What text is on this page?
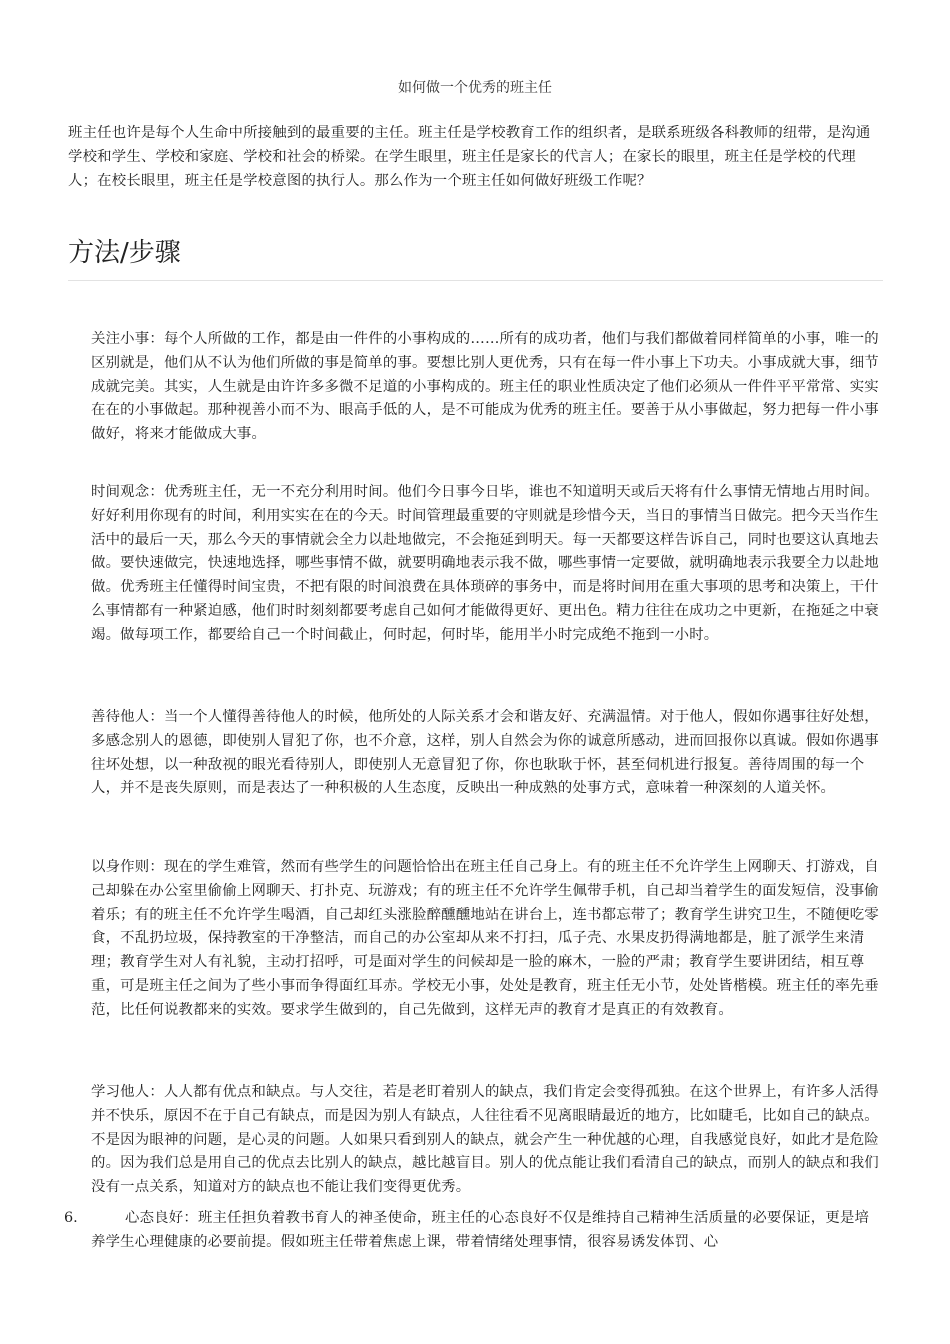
如何做一个优秀的班主任
班主任也许是每个人生命中所接触到的最重要的主任。班主任是学校教育工作的组织者，是联系班级各科教师的纽带，是沟通学校和学生、学校和家庭、学校和社会的桥梁。在学生眼里，班主任是家长的代言人；在家长的眼里，班主任是学校的代理人；在校长眼里，班主任是学校意图的执行人。那么作为一个班主任如何做好班级工作呢？
方法/步骤
关注小事：每个人所做的工作，都是由一件件的小事构成的……所有的成功者，他们与我们都做着同样简单的小事，唯一的区别就是，他们从不认为他们所做的事是简单的事。要想比别人更优秀，只有在每一件小事上下功夫。小事成就大事，细节成就完美。其实，人生就是由许许多多微不足道的小事构成的。班主任的职业性质决定了他们必须从一件件平平常常、实实在在的小事做起。那种视善小而不为、眼高手低的人，是不可能成为优秀的班主任。要善于从小事做起，努力把每一件小事做好，将来才能做成大事。
时间观念：优秀班主任，无一不充分利用时间。他们今日事今日毕，谁也不知道明天或后天将有什么事情无情地占用时间。好好利用你现有的时间，利用实实在在的今天。时间管理最重要的守则就是珍惜今天，当日的事情当日做完。把今天当作生活中的最后一天，那么今天的事情就会全力以赴地做完，不会拖延到明天。每一天都要这样告诉自己，同时也要这认真地去做。要快速做完，快速地选择，哪些事情不做，就要明确地表示我不做，哪些事情一定要做，就明确地表示我要全力以赴地做。优秀班主任懂得时间宝贵，不把有限的时间浪费在具体琐碎的事务中，而是将时间用在重大事项的思考和决策上，干什么事情都有一种紧迫感，他们时时刻刻都要考虑自己如何才能做得更好、更出色。精力往往在成功之中更新，在拖延之中衰竭。做每项工作，都要给自己一个时间截止，何时起，何时毕，能用半小时完成绝不拖到一小时。
善待他人：当一个人懂得善待他人的时候，他所处的人际关系才会和谐友好、充满温情。对于他人，假如你遇事往好处想，多感念别人的恩德，即使别人冒犯了你，也不介意，这样，别人自然会为你的诚意所感动，进而回报你以真诚。假如你遇事往坏处想，以一种敌视的眼光看待别人，即使别人无意冒犯了你，你也耿耿于怀，甚至伺机进行报复。善待周围的每一个人，并不是丧失原则，而是表达了一种积极的人生态度，反映出一种成熟的处事方式，意味着一种深刻的人道关怀。
以身作则：现在的学生难管，然而有些学生的问题恰恰出在班主任自己身上。有的班主任不允许学生上网聊天、打游戏，自己却躲在办公室里偷偷上网聊天、打扑克、玩游戏；有的班主任不允许学生佩带手机，自己却当着学生的面发短信，没事偷着乐；有的班主任不允许学生喝酒，自己却红头涨脸醉醺醺地站在讲台上，连书都忘带了；教育学生讲究卫生，不随便吃零食，不乱扔垃圾，保持教室的干净整洁，而自己的办公室却从来不打扫，瓜子壳、水果皮扔得满地都是，脏了派学生来清理；教育学生对人有礼貌，主动打招呼，可是面对学生的问候却是一脸的麻木，一脸的严肃；教育学生要讲团结，相互尊重，可是班主任之间为了些小事而争得面红耳赤。学校无小事，处处是教育，班主任无小节，处处皆楷模。班主任的率先垂范，比任何说教都来的实效。要求学生做到的，自己先做到，这样无声的教育才是真正的有效教育。
学习他人：人人都有优点和缺点。与人交往，若是老盯着别人的缺点，我们肯定会变得孤独。在这个世界上，有许多人活得并不快乐，原因不在于自己有缺点，而是因为别人有缺点，人往往看不见离眼睛最近的地方，比如睫毛，比如自己的缺点。不是因为眼神的问题，是心灵的问题。人如果只看到别人的缺点，就会产生一种优越的心理，自我感觉良好，如此才是危险的。因为我们总是用自己的优点去比别人的缺点，越比越盲目。别人的优点能让我们看清自己的缺点，而别人的缺点和我们没有一点关系，知道对方的缺点也不能让我们变得更优秀。
6.	心态良好：班主任担负着教书育人的神圣使命，班主任的心态良好不仅是维持自己精神生活质量的必要保证，更是培养学生心理健康的必要前提。假如班主任带着焦虑上课，带着情绪处理事情，很容易诱发体罚、心
